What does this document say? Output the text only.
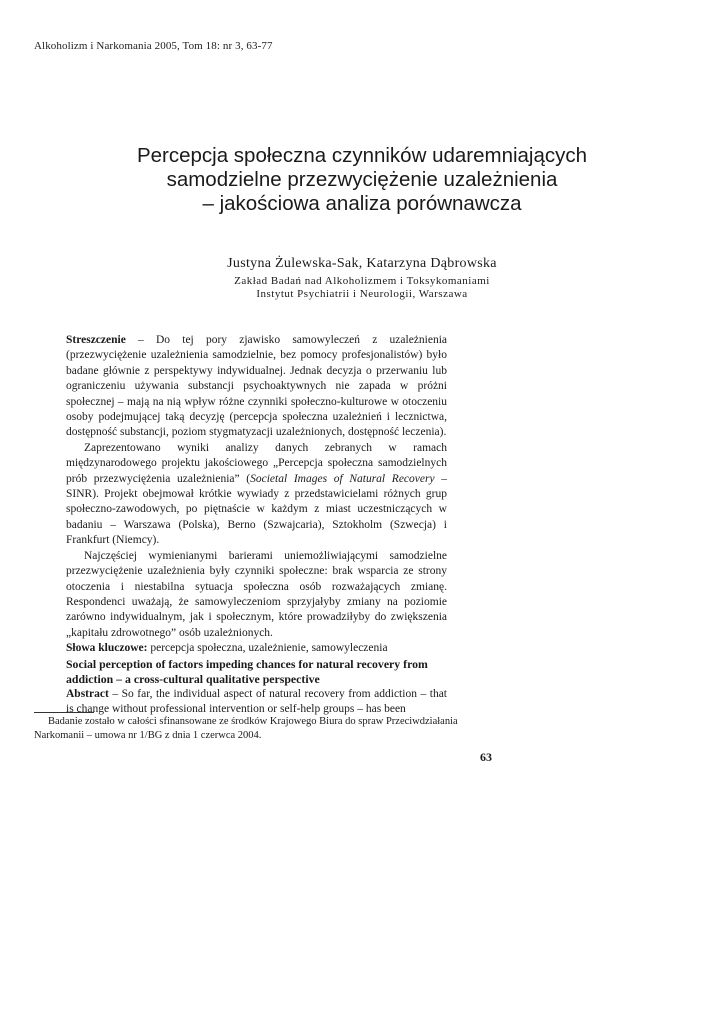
Alkoholizm i Narkomania 2005, Tom 18: nr 3, 63-77
Percepcja społeczna czynników udaremniających
samodzielne przezwyciężenie uzależnienia
– jakościowa analiza porównawcza
Justyna Żulewska-Sak, Katarzyna Dąbrowska
Zakład Badań nad Alkoholizmem i Toksykomaniami
Instytut Psychiatrii i Neurologii, Warszawa

Streszczenie – Do tej pory zjawisko samowyleczeń z uzależnienia (przezwyciężenie uzależnienia samodzielnie, bez pomocy profesjonalistów) było badane głównie z perspektywy indywidualnej. Jednak decyzja o przerwaniu lub ograniczeniu używania substancji psychoaktywnych nie zapada w próżni społecznej – mają na nią wpływ różne czynniki społeczno-kulturowe w otoczeniu osoby podejmującej taką decyzję (percepcja społeczna uzależnień i lecznictwa, dostępność substancji, poziom stygmatyzacji uzależnionych, dostępność leczenia).

Zaprezentowano wyniki analizy danych zebranych w ramach międzynarodowego projektu jakościowego „Percepcja społeczna samodzielnych prób przezwyciężenia uzależnienia” (Societal Images of Natural Recovery – SINR). Projekt obejmował krótkie wywiady z przedstawicielami różnych grup społeczno-zawodowych, po piętnaście w każdym z miast uczestniczących w badaniu – Warszawa (Polska), Berno (Szwajcaria), Sztokholm (Szwecja) i Frankfurt (Niemcy).

Najczęściej wymienianymi barierami uniemożliwiającymi samodzielne przezwyciężenie uzależnienia były czynniki społeczne: brak wsparcia ze strony otoczenia i niestabilna sytuacja społeczna osób rozważających zmianę. Respondenci uważają, że samowyleczeniom sprzyjałyby zmiany na poziomie zarówno indywidualnym, jak i społecznym, które prowadziłyby do zwiększenia „kapitału zdrowotnego” osób uzależnionych.

Słowa kluczowe: percepcja społeczna, uzależnienie, samowyleczenia

Social perception of factors impeding chances for natural recovery from addiction – a cross-cultural qualitative perspective

Abstract – So far, the individual aspect of natural recovery from addiction – that is change without professional intervention or self-help groups – has been

Badanie zostało w całości sfinansowane ze środków Krajowego Biura do spraw Przeciwdziałania Narkomanii – umowa nr 1/BG z dnia 1 czerwca 2004.
63
